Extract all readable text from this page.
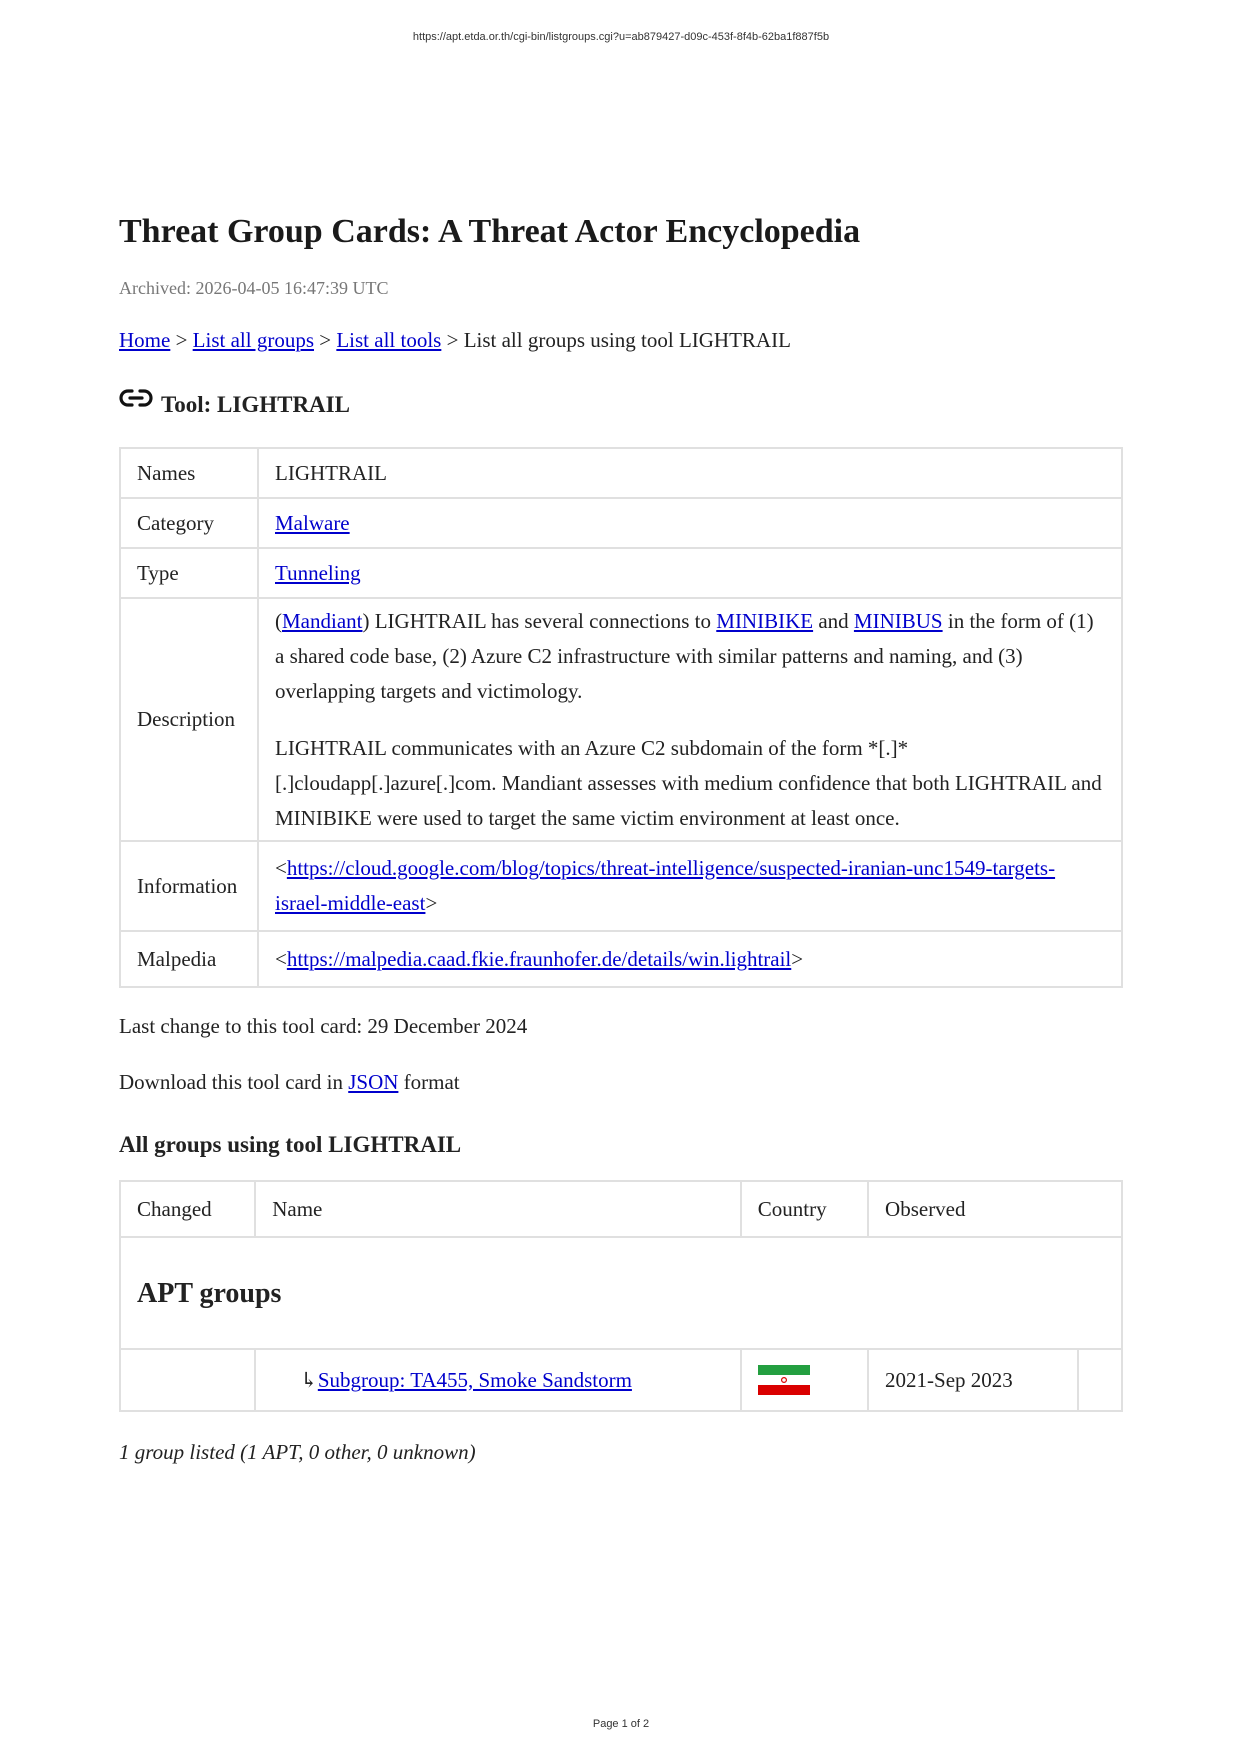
https://apt.etda.or.th/cgi-bin/listgroups.cgi?u=ab879427-d09c-453f-8f4b-62ba1f887f5b
Threat Group Cards: A Threat Actor Encyclopedia
Archived: 2026-04-05 16:47:39 UTC
Home > List all groups > List all tools > List all groups using tool LIGHTRAIL
Tool: LIGHTRAIL
Names	LIGHTRAIL
Category	Malware
Type	Tunneling
Description	(Mandiant) LIGHTRAIL has several connections to MINIBIKE and MINIBUS in the form of (1) a shared code base, (2) Azure C2 infrastructure with similar patterns and naming, and (3) overlapping targets and victimology.

LIGHTRAIL communicates with an Azure C2 subdomain of the form *[.]*[.]cloudapp[.]azure[.]com. Mandiant assesses with medium confidence that both LIGHTRAIL and MINIBIKE were used to target the same victim environment at least once.

Information	<https://cloud.google.com/blog/topics/threat-intelligence/suspected-iranian-unc1549-targets-israel-middle-east>
Malpedia	<https://malpedia.caad.fkie.fraunhofer.de/details/win.lightrail>
Last change to this tool card: 29 December 2024
Download this tool card in JSON format
All groups using tool LIGHTRAIL
Changed	Name	Country	Observed	
APT groups				
	↳Subgroup: TA455, Smoke Sandstorm		2021-Sep 2023	
1 group listed (1 APT, 0 other, 0 unknown)
Page 1 of 2
